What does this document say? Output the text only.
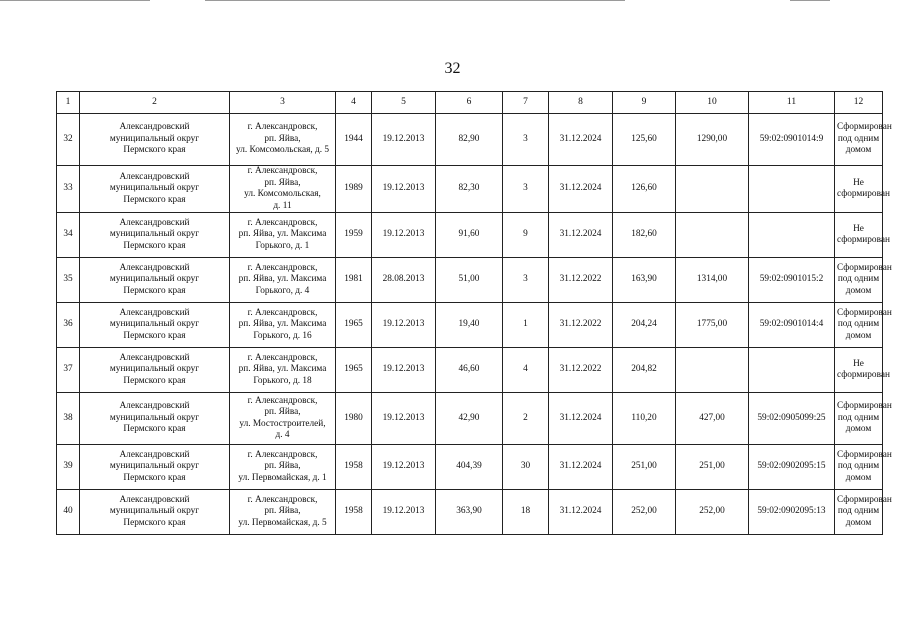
32
1	2	3	4	5	6	7	8	9	10	11	12
32	Александровский
муниципальный округ
Пермского края	г. Александровск,
рп. Яйва,
ул. Комсомольская, д. 5	1944	19.12.2013	82,90	3	31.12.2024	125,60	1290,00	59:02:0901014:9	Сформирован
под одним
домом
33	Александровский
муниципальный округ
Пермского края	г. Александровск,
рп. Яйва,
ул. Комсомольская,
д. 11	1989	19.12.2013	82,30	3	31.12.2024	126,60			Не сформирован
34	Александровский
муниципальный округ
Пермского края	г. Александровск,
рп. Яйва, ул. Максима
Горького, д. 1	1959	19.12.2013	91,60	9	31.12.2024	182,60			Не сформирован
35	Александровский
муниципальный округ
Пермского края	г. Александровск,
рп. Яйва, ул. Максима
Горького, д. 4	1981	28.08.2013	51,00	3	31.12.2022	163,90	1314,00	59:02:0901015:2	Сформирован
под одним
домом
36	Александровский
муниципальный округ
Пермского края	г. Александровск,
рп. Яйва, ул. Максима
Горького, д. 16	1965	19.12.2013	19,40	1	31.12.2022	204,24	1775,00	59:02:0901014:4	Сформирован
под одним
домом
37	Александровский
муниципальный округ
Пермского края	г. Александровск,
рп. Яйва, ул. Максима
Горького, д. 18	1965	19.12.2013	46,60	4	31.12.2022	204,82			Не сформирован
38	Александровский
муниципальный округ
Пермского края	г. Александровск,
рп. Яйва,
ул. Мостостроителей,
д. 4	1980	19.12.2013	42,90	2	31.12.2024	110,20	427,00	59:02:0905099:25	Сформирован
под одним
домом
39	Александровский
муниципальный округ
Пермского края	г. Александровск,
рп. Яйва,
ул. Первомайская, д. 1	1958	19.12.2013	404,39	30	31.12.2024	251,00	251,00	59:02:0902095:15	Сформирован
под одним
домом
40	Александровский
муниципальный округ
Пермского края	г. Александровск,
рп. Яйва,
ул. Первомайская, д. 5	1958	19.12.2013	363,90	18	31.12.2024	252,00	252,00	59:02:0902095:13	Сформирован
под одним
домом
